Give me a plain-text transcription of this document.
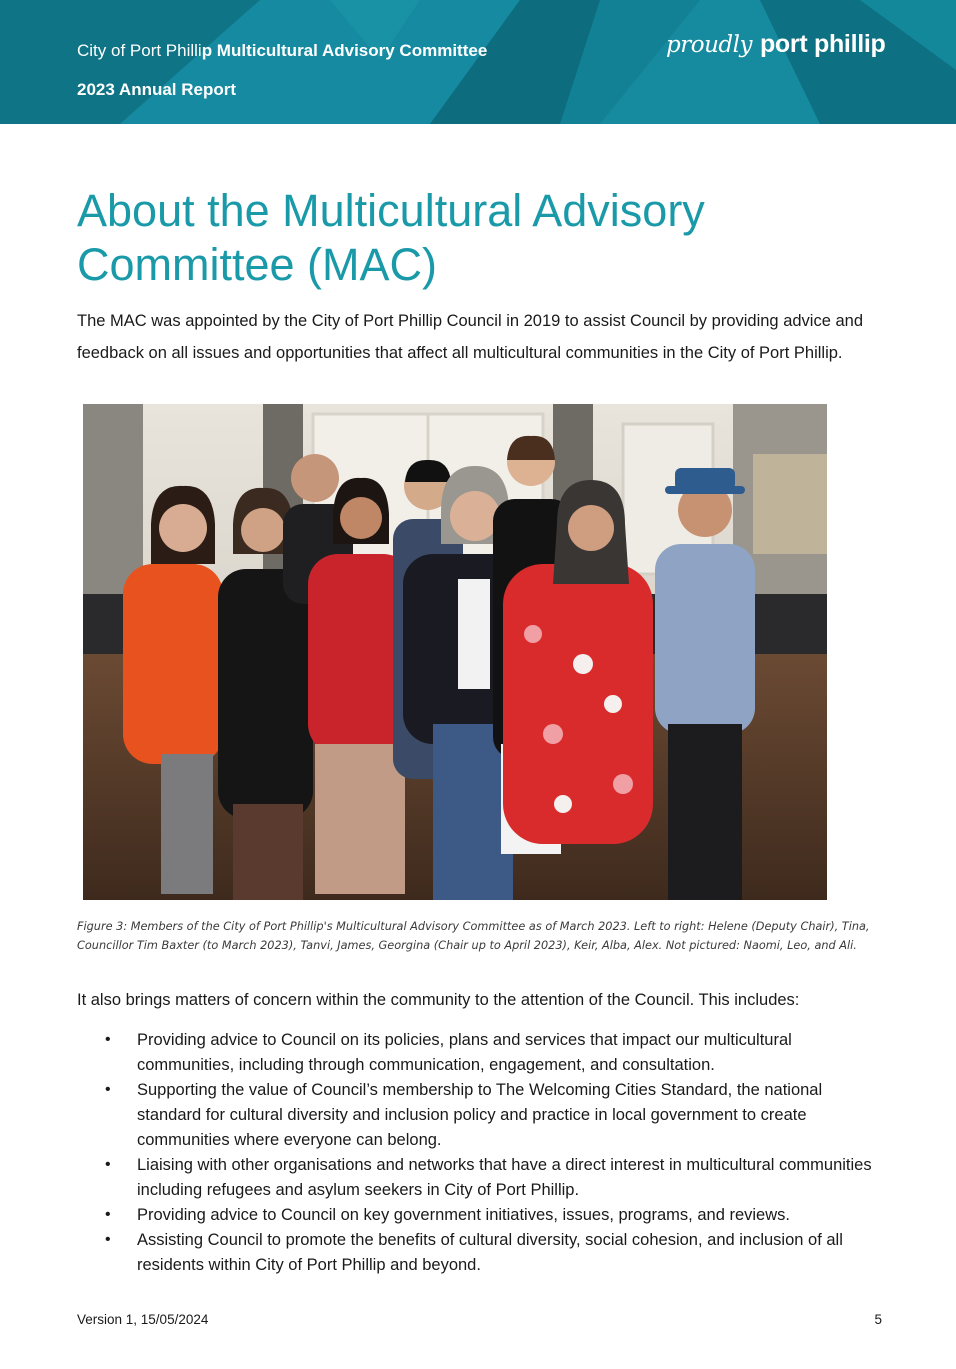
City of Port Phillip Multicultural Advisory Committee
2023 Annual Report
proudly port phillip
About the Multicultural Advisory Committee (MAC)

The MAC was appointed by the City of Port Phillip Council in 2019 to assist Council by providing advice and feedback on all issues and opportunities that affect all multicultural communities in the City of Port Phillip.

Figure 3: Members of the City of Port Phillip's Multicultural Advisory Committee as of March 2023. Left to right: Helene (Deputy Chair), Tina, Councillor Tim Baxter (to March 2023), Tanvi, James, Georgina (Chair up to April 2023), Keir, Alba, Alex. Not pictured: Naomi, Leo, and Ali.

It also brings matters of concern within the community to the attention of the Council. This includes:

• Providing advice to Council on its policies, plans and services that impact our multicultural communities, including through communication, engagement, and consultation.
• Supporting the value of Council’s membership to The Welcoming Cities Standard, the national standard for cultural diversity and inclusion policy and practice in local government to create communities where everyone can belong.
• Liaising with other organisations and networks that have a direct interest in multicultural communities including refugees and asylum seekers in City of Port Phillip.
• Providing advice to Council on key government initiatives, issues, programs, and reviews.
• Assisting Council to promote the benefits of cultural diversity, social cohesion, and inclusion of all residents within City of Port Phillip and beyond.
Version 1, 15/05/2024	5
